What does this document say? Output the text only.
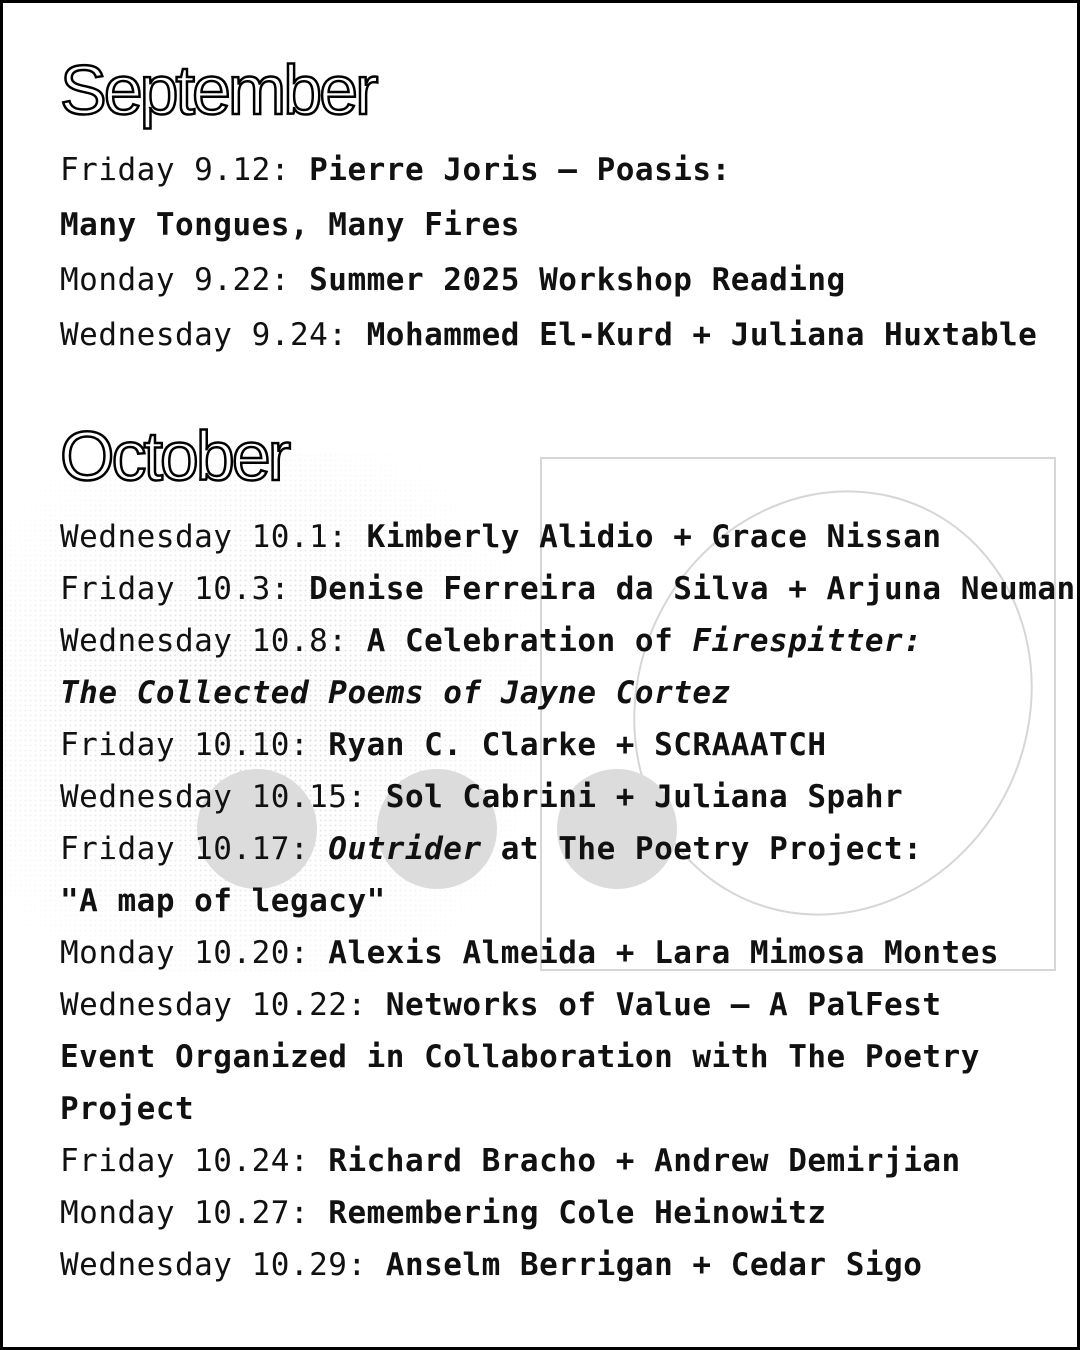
September
Friday 9.12: Pierre Joris – Poasis:
Many Tongues, Many Fires
Monday 9.22: Summer 2025 Workshop Reading
Wednesday 9.24: Mohammed El-Kurd + Juliana Huxtable
October
Wednesday 10.1: Kimberly Alidio + Grace Nissan
Friday 10.3: Denise Ferreira da Silva + Arjuna Neuman
Wednesday 10.8: A Celebration of Firespitter:
The Collected Poems of Jayne Cortez
Friday 10.10: Ryan C. Clarke + SCRAAATCH
Wednesday 10.15: Sol Cabrini + Juliana Spahr
Friday 10.17: Outrider at The Poetry Project:
"A map of legacy"
Monday 10.20: Alexis Almeida + Lara Mimosa Montes
Wednesday 10.22: Networks of Value – A PalFest
Event Organized in Collaboration with The Poetry
Project
Friday 10.24: Richard Bracho + Andrew Demirjian
Monday 10.27: Remembering Cole Heinowitz
Wednesday 10.29: Anselm Berrigan + Cedar Sigo
